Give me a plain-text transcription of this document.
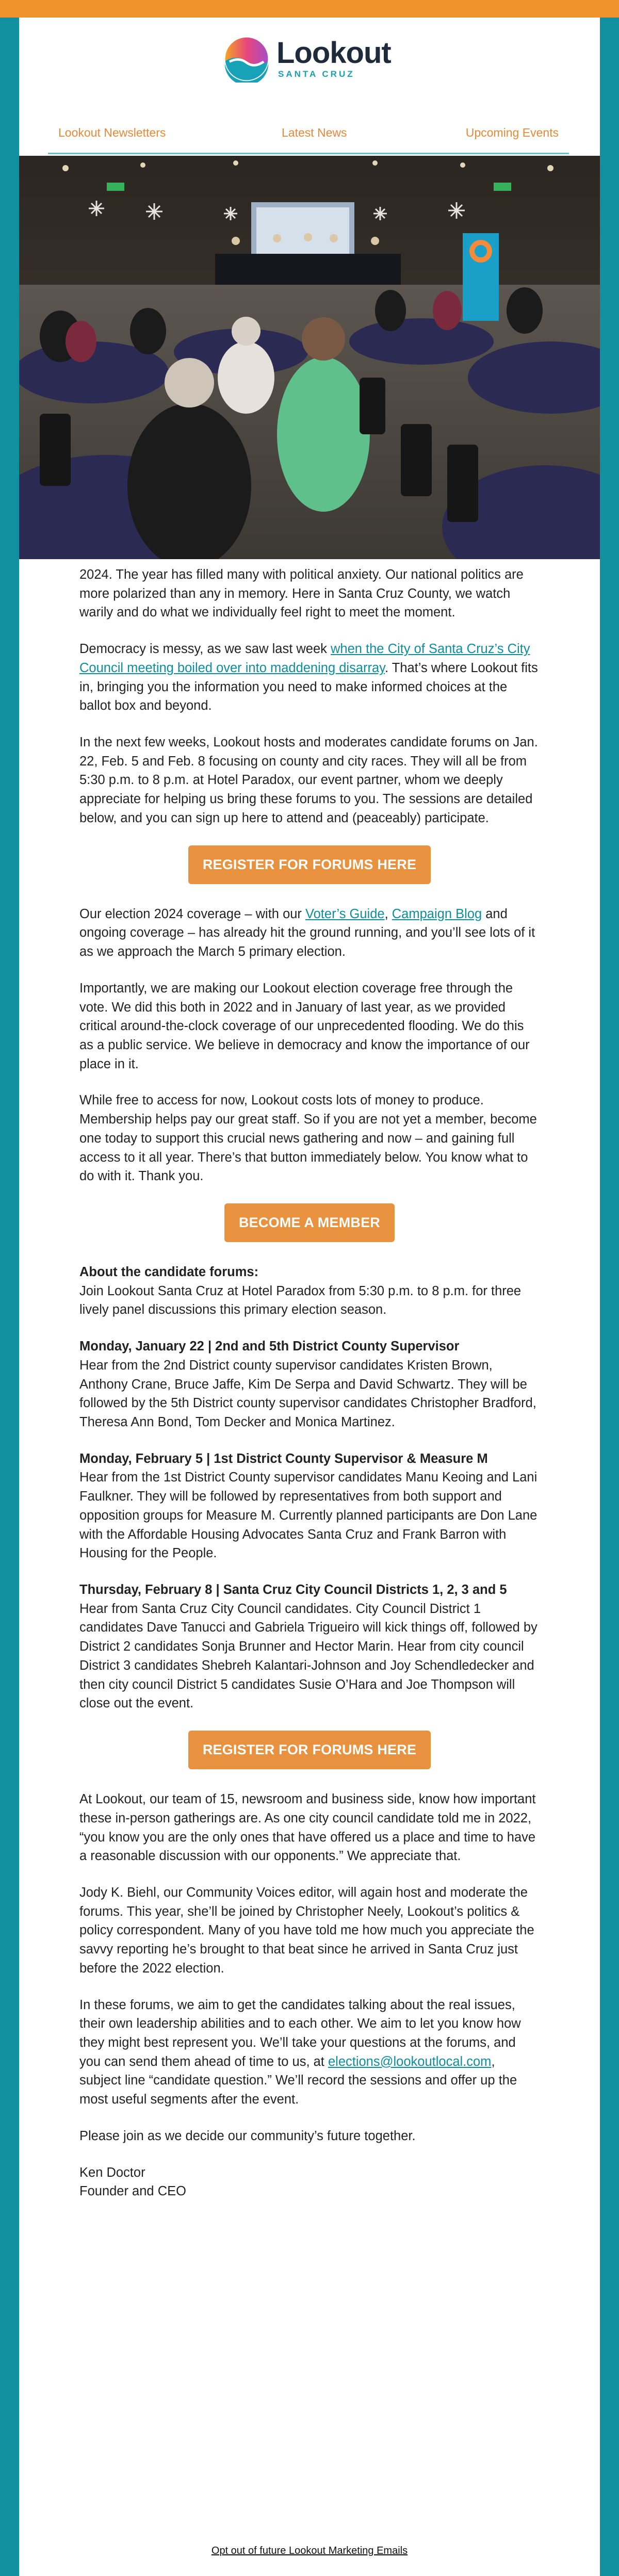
Lookout
SANTA CRUZ
Lookout Newsletters	Latest News	Upcoming Events

2024. The year has filled many with political anxiety. Our national politics are more polarized than any in memory. Here in Santa Cruz County, we watch warily and do what we individually feel right to meet the moment.

Democracy is messy, as we saw last week when the City of Santa Cruz’s City Council meeting boiled over into maddening disarray. That’s where Lookout fits in, bringing you the information you need to make informed choices at the ballot box and beyond.

In the next few weeks, Lookout hosts and moderates candidate forums on Jan. 22, Feb. 5 and Feb. 8 focusing on county and city races. They will all be from 5:30 p.m. to 8 p.m. at Hotel Paradox, our event partner, whom we deeply appreciate for helping us bring these forums to you. The sessions are detailed below, and you can sign up here to attend and (peaceably) participate.

REGISTER FOR FORUMS HERE

Our election 2024 coverage – with our Voter’s Guide, Campaign Blog and ongoing coverage – has already hit the ground running, and you’ll see lots of it as we approach the March 5 primary election.

Importantly, we are making our Lookout election coverage free through the vote. We did this both in 2022 and in January of last year, as we provided critical around-the-clock coverage of our unprecedented flooding. We do this as a public service. We believe in democracy and know the importance of our place in it.

While free to access for now, Lookout costs lots of money to produce. Membership helps pay our great staff. So if you are not yet a member, become one today to support this crucial news gathering and now – and gaining full access to it all year. There’s that button immediately below. You know what to do with it. Thank you.

BECOME A MEMBER

About the candidate forums:
Join Lookout Santa Cruz at Hotel Paradox from 5:30 p.m. to 8 p.m. for three lively panel discussions this primary election season.

Monday, January 22 | 2nd and 5th District County Supervisor
Hear from the 2nd District county supervisor candidates Kristen Brown, Anthony Crane, Bruce Jaffe, Kim De Serpa and David Schwartz. They will be followed by the 5th District county supervisor candidates Christopher Bradford, Theresa Ann Bond, Tom Decker and Monica Martinez.

Monday, February 5 | 1st District County Supervisor & Measure M
Hear from the 1st District County supervisor candidates Manu Keoing and Lani Faulkner. They will be followed by representatives from both support and opposition groups for Measure M. Currently planned participants are Don Lane with the Affordable Housing Advocates Santa Cruz and Frank Barron with Housing for the People.

Thursday, February 8 | Santa Cruz City Council Districts 1, 2, 3 and 5
Hear from Santa Cruz City Council candidates. City Council District 1 candidates Dave Tanucci and Gabriela Trigueiro will kick things off, followed by District 2 candidates Sonja Brunner and Hector Marin. Hear from city council District 3 candidates Shebreh Kalantari-Johnson and Joy Schendledecker and then city council District 5 candidates Susie O’Hara and Joe Thompson will close out the event.

REGISTER FOR FORUMS HERE

At Lookout, our team of 15, newsroom and business side, know how important these in-person gatherings are. As one city council candidate told me in 2022, “you know you are the only ones that have offered us a place and time to have a reasonable discussion with our opponents.” We appreciate that.

Jody K. Biehl, our Community Voices editor, will again host and moderate the forums. This year, she’ll be joined by Christopher Neely, Lookout’s politics & policy correspondent. Many of you have told me how much you appreciate the savvy reporting he’s brought to that beat since he arrived in Santa Cruz just before the 2022 election.

In these forums, we aim to get the candidates talking about the real issues, their own leadership abilities and to each other. We aim to let you know how they might best represent you. We’ll take your questions at the forums, and you can send them ahead of time to us, at elections@lookoutlocal.com, subject line “candidate question.” We’ll record the sessions and offer up the most useful segments after the event.

Please join as we decide our community’s future together.

Ken Doctor
Founder and CEO

Opt out of future Lookout Marketing Emails
